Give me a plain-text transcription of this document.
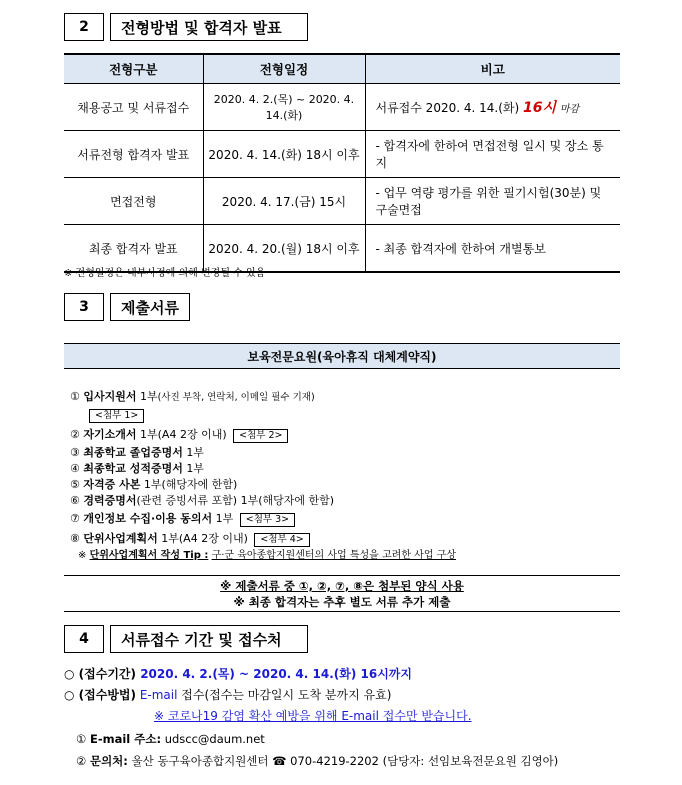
2	전형방법 및 합격자 발표
전형구분	전형일정	비고
채용공고 및 서류접수	2020. 4. 2.(목) ~ 2020. 4. 14.(화)	서류접수 2020. 4. 14.(화) 16시 마감
서류전형 합격자 발표	2020. 4. 14.(화) 18시 이후	- 합격자에 한하여 면접전형 일시 및 장소 통지
면접전형	2020. 4. 17.(금) 15시	- 업무 역량 평가를 위한 필기시험(30분) 및 구술면접
최종 합격자 발표	2020. 4. 20.(월) 18시 이후	- 최종 합격자에 한하여 개별통보
※ 전형일정은 내부사정에 의해 변경될 수 있음
3	제출서류
보육전문요원(육아휴직 대체계약직)
① 입사지원서 1부(사진 부착, 연락처, 이메일 필수 기재)
<첨부 1>
② 자기소개서 1부(A4 2장 이내) <첨부 2>
③ 최종학교 졸업증명서 1부
④ 최종학교 성적증명서 1부
⑤ 자격증 사본 1부(해당자에 한함)
⑥ 경력증명서(관련 증빙서류 포함) 1부(해당자에 한함)
⑦ 개인정보 수집·이용 동의서 1부 <첨부 3>
⑧ 단위사업계획서 1부(A4 2장 이내) <첨부 4>
※ 단위사업계획서 작성 Tip : 구·군 육아종합지원센터의 사업 특성을 고려한 사업 구상
※ 제출서류 중 ①, ②, ⑦, ⑧은 첨부된 양식 사용
※ 최종 합격자는 추후 별도 서류 추가 제출
4	서류접수 기간 및 접수처
○ (접수기간) 2020. 4. 2.(목) ~ 2020. 4. 14.(화) 16시까지
○ (접수방법) E-mail 접수(접수는 마감일시 도착 분까지 유효)
※ 코로나19 감염 확산 예방을 위해 E-mail 접수만 받습니다.
① E-mail 주소: udscc@daum.net
② 문의처: 울산 동구육아종합지원센터 ☎ 070-4219-2202 (담당자: 선임보육전문요원 김영아)
